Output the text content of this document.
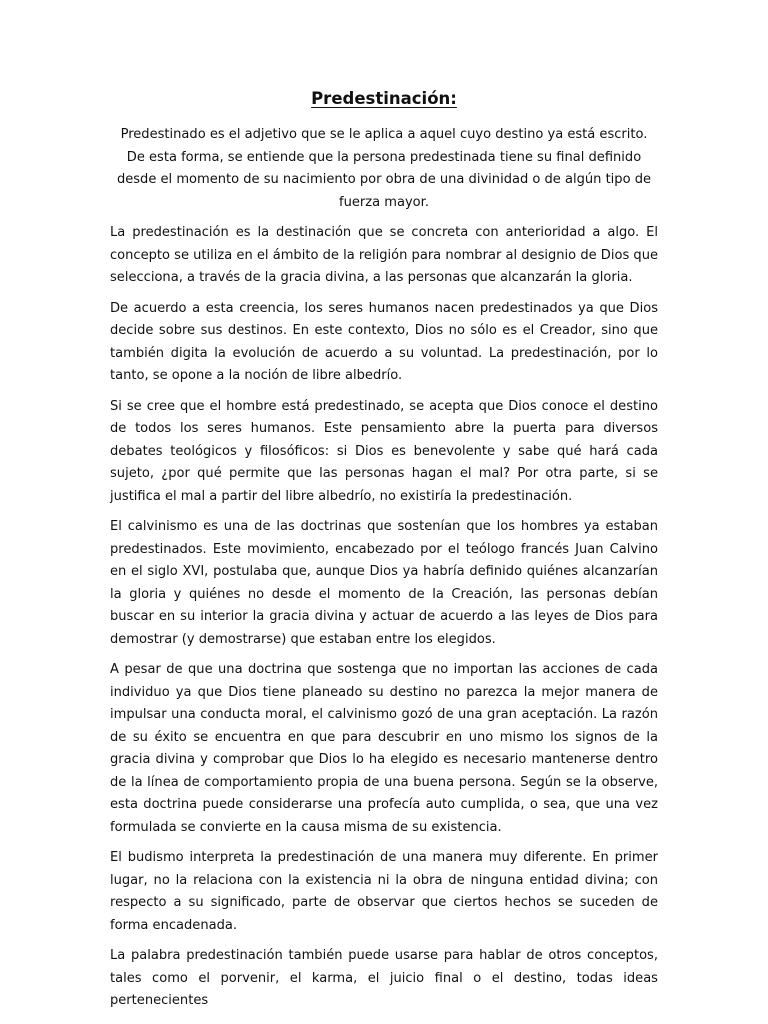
Predestinación:

Predestinado es el adjetivo que se le aplica a aquel cuyo destino ya está escrito. De esta forma, se entiende que la persona predestinada tiene su final definido desde el momento de su nacimiento por obra de una divinidad o de algún tipo de fuerza mayor.

La predestinación es la destinación que se concreta con anterioridad a algo. El concepto se utiliza en el ámbito de la religión para nombrar al designio de Dios que selecciona, a través de la gracia divina, a las personas que alcanzarán la gloria.

De acuerdo a esta creencia, los seres humanos nacen predestinados ya que Dios decide sobre sus destinos. En este contexto, Dios no sólo es el Creador, sino que también digita la evolución de acuerdo a su voluntad. La predestinación, por lo tanto, se opone a la noción de libre albedrío.

Si se cree que el hombre está predestinado, se acepta que Dios conoce el destino de todos los seres humanos. Este pensamiento abre la puerta para diversos debates teológicos y filosóficos: si Dios es benevolente y sabe qué hará cada sujeto, ¿por qué permite que las personas hagan el mal? Por otra parte, si se justifica el mal a partir del libre albedrío, no existiría la predestinación.

El calvinismo es una de las doctrinas que sostenían que los hombres ya estaban predestinados. Este movimiento, encabezado por el teólogo francés Juan Calvino en el siglo XVI, postulaba que, aunque Dios ya habría definido quiénes alcanzarían la gloria y quiénes no desde el momento de la Creación, las personas debían buscar en su interior la gracia divina y actuar de acuerdo a las leyes de Dios para demostrar (y demostrarse) que estaban entre los elegidos.

A pesar de que una doctrina que sostenga que no importan las acciones de cada individuo ya que Dios tiene planeado su destino no parezca la mejor manera de impulsar una conducta moral, el calvinismo gozó de una gran aceptación. La razón de su éxito se encuentra en que para descubrir en uno mismo los signos de la gracia divina y comprobar que Dios lo ha elegido es necesario mantenerse dentro de la línea de comportamiento propia de una buena persona. Según se la observe, esta doctrina puede considerarse una profecía auto cumplida, o sea, que una vez formulada se convierte en la causa misma de su existencia.

El budismo interpreta la predestinación de una manera muy diferente. En primer lugar, no la relaciona con la existencia ni la obra de ninguna entidad divina; con respecto a su significado, parte de observar que ciertos hechos se suceden de forma encadenada.

La palabra predestinación también puede usarse para hablar de otros conceptos, tales como el porvenir, el karma, el juicio final o el destino, todas ideas pertenecientes
